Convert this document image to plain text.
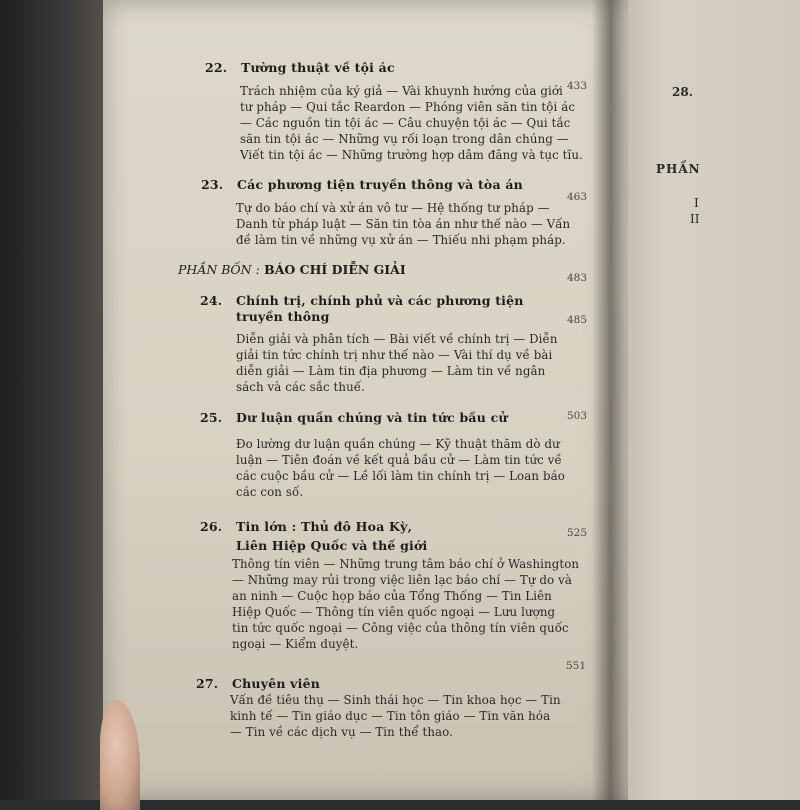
22. Tường thuật về tội ác
433
Trách nhiệm của ký giả — Vài khuynh hướng của giới
tư pháp — Qui tắc Reardon — Phóng viên săn tin tội ác
— Các nguồn tin tội ác — Câu chuyện tội ác — Qui tắc
săn tin tội ác — Những vụ rối loạn trong dân chúng —
Viết tin tội ác — Những trường hợp dâm đãng và tục tĩu.
23. Các phương tiện truyền thông và tòa án
463
Tự do báo chí và xử án vô tư — Hệ thống tư pháp —
Danh từ pháp luật — Săn tin tòa án như thế nào — Vấn
đề làm tin về những vụ xử án — Thiếu nhi phạm pháp.
PHẦN BỐN : BÁO CHÍ DIỄN GIẢI
483
24. Chính trị, chính phủ và các phương tiện
truyền thông	485
Diễn giải và phân tích — Bài viết về chính trị — Diễn
giải tin tức chính trị như thế nào — Vài thí dụ về bài
diễn giải — Làm tin địa phương — Làm tin về ngân
sách và các sắc thuế.
25. Dư luận quần chúng và tin tức bầu cử	503
Đo lường dư luận quần chúng — Kỹ thuật thăm dò dư
luận — Tiên đoán về kết quả bầu cử — Làm tin tức về
các cuộc bầu cử — Lề lối làm tin chính trị — Loan báo
các con số.
26. Tin lớn : Thủ đô Hoa Kỳ,
Liên Hiệp Quốc và thế giới
525
Thông tín viên — Những trung tâm báo chí ở Washington
— Những may rủi trong việc liên lạc báo chí — Tự do và
an ninh — Cuộc họp báo của Tổng Thống — Tin Liên
Hiệp Quốc — Thông tín viên quốc ngoại — Lưu lượng
tin tức quốc ngoại — Công việc của thông tín viên quốc
ngoại — Kiểm duyệt.
27. Chuyên viên
551
Vấn đề tiêu thụ — Sinh thái học — Tin khoa học — Tin
kinh tế — Tin giáo dục — Tin tôn giáo — Tin văn hóa
— Tin về các dịch vụ — Tin thể thao.
28.
PHẦN
I
II
